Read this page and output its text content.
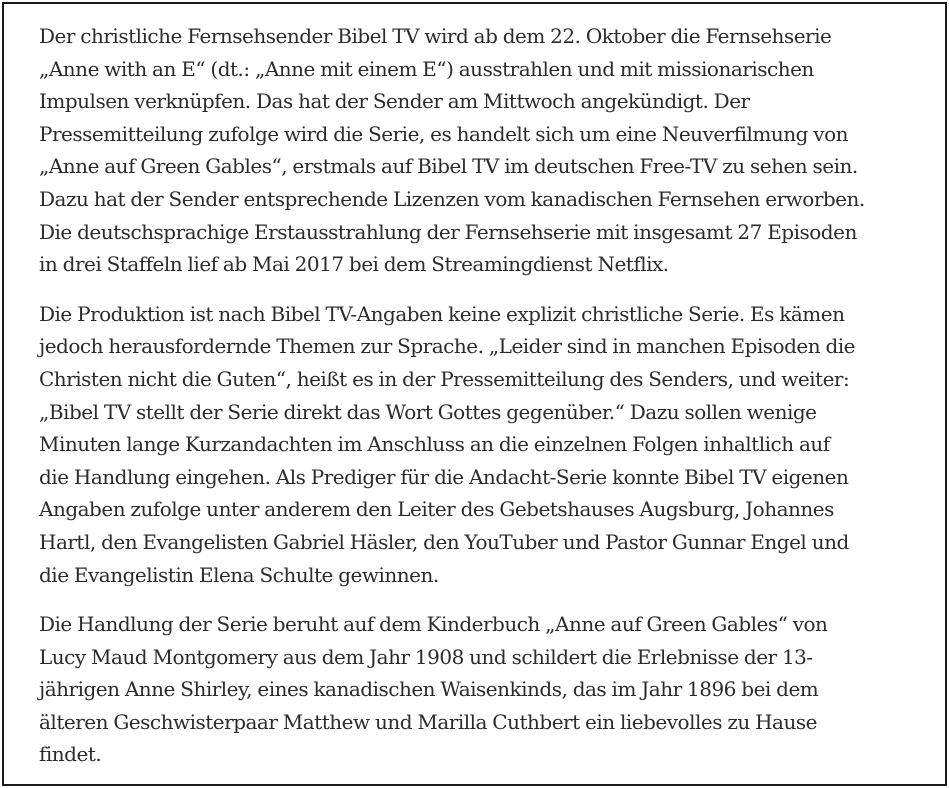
Der christliche Fernsehsender Bibel TV wird ab dem 22. Oktober die Fernsehserie
„Anne with an E“ (dt.: „Anne mit einem E“) ausstrahlen und mit missionarischen
Impulsen verknüpfen. Das hat der Sender am Mittwoch angekündigt. Der
Pressemitteilung zufolge wird die Serie, es handelt sich um eine Neuverfilmung von
„Anne auf Green Gables“, erstmals auf Bibel TV im deutschen Free-TV zu sehen sein.
Dazu hat der Sender entsprechende Lizenzen vom kanadischen Fernsehen erworben.
Die deutschsprachige Erstausstrahlung der Fernsehserie mit insgesamt 27 Episoden
in drei Staffeln lief ab Mai 2017 bei dem Streamingdienst Netflix.

Die Produktion ist nach Bibel TV-Angaben keine explizit christliche Serie. Es kämen
jedoch herausfordernde Themen zur Sprache. „Leider sind in manchen Episoden die
Christen nicht die Guten“, heißt es in der Pressemitteilung des Senders, und weiter:
„Bibel TV stellt der Serie direkt das Wort Gottes gegenüber.“ Dazu sollen wenige
Minuten lange Kurzandachten im Anschluss an die einzelnen Folgen inhaltlich auf
die Handlung eingehen. Als Prediger für die Andacht-Serie konnte Bibel TV eigenen
Angaben zufolge unter anderem den Leiter des Gebetshauses Augsburg, Johannes
Hartl, den Evangelisten Gabriel Häsler, den YouTuber und Pastor Gunnar Engel und
die Evangelistin Elena Schulte gewinnen.

Die Handlung der Serie beruht auf dem Kinderbuch „Anne auf Green Gables“ von
Lucy Maud Montgomery aus dem Jahr 1908 und schildert die Erlebnisse der 13-
jährigen Anne Shirley, eines kanadischen Waisenkinds, das im Jahr 1896 bei dem
älteren Geschwisterpaar Matthew und Marilla Cuthbert ein liebevolles zu Hause
findet.
